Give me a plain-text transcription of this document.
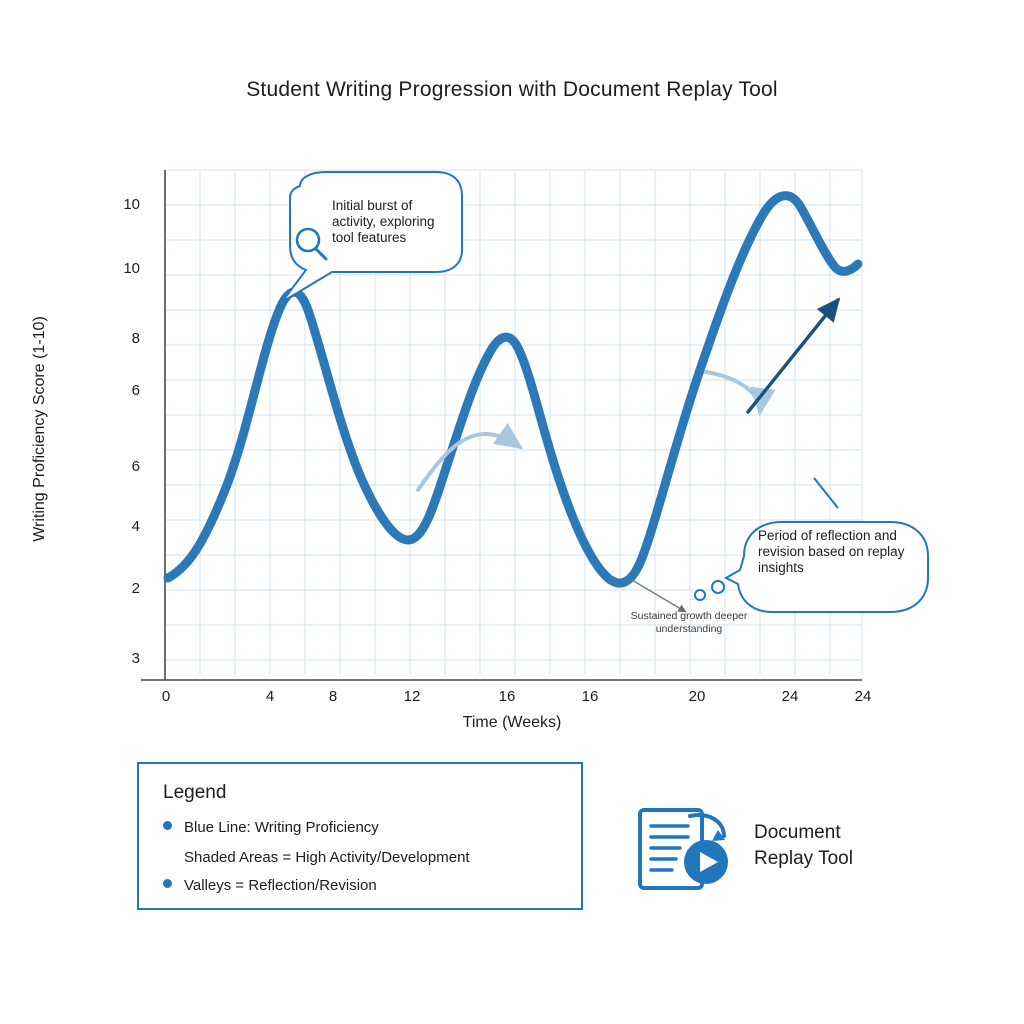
Student Writing Progression with Document Replay Tool
Time (Weeks)
Writing Proficiency Score (1-10)
10
10
8
6
6
4
2
3
0	4	8	12	16	16	20	24	24
Initial burst of activity, exploring tool features
Period of reflection and revision based on replay insights
Sustained growth deeper understanding
Legend
Blue Line: Writing Proficiency
Shaded Areas = High Activity/Development
Valleys = Reflection/Revision
Document
Replay Tool
